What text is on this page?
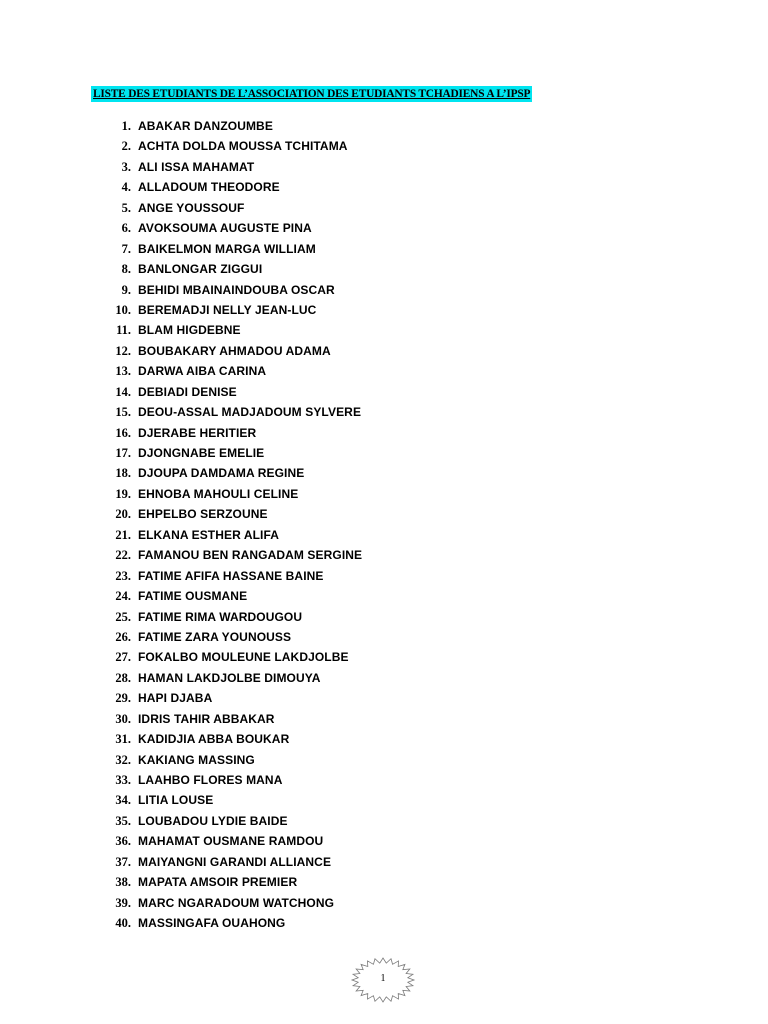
LISTE DES ETUDIANTS DE L’ASSOCIATION DES ETUDIANTS TCHADIENS A L’IPSP
1. ABAKAR DANZOUMBE
2. ACHTA DOLDA MOUSSA TCHITAMA
3. ALI ISSA MAHAMAT
4. ALLADOUM THEODORE
5. ANGE YOUSSOUF
6. AVOKSOUMA AUGUSTE PINA
7. BAIKELMON MARGA WILLIAM
8. BANLONGAR ZIGGUI
9. BEHIDI MBAINAINDOUBA OSCAR
10. BEREMADJI NELLY JEAN-LUC
11. BLAM HIGDEBNE
12. BOUBAKARY AHMADOU ADAMA
13. DARWA AIBA CARINA
14. DEBIADI DENISE
15. DEOU-ASSAL MADJADOUM SYLVERE
16. DJERABE HERITIER
17. DJONGNABE EMELIE
18. DJOUPA DAMDAMA REGINE
19. EHNOBA MAHOULI CELINE
20. EHPELBO SERZOUNE
21. ELKANA ESTHER ALIFA
22. FAMANOU BEN RANGADAM SERGINE
23. FATIME AFIFA HASSANE BAINE
24. FATIME OUSMANE
25. FATIME RIMA WARDOUGOU
26. FATIME ZARA YOUNOUSS
27. FOKALBO MOULEUNE LAKDJOLBE
28. HAMAN LAKDJOLBE DIMOUYA
29. HAPI DJABA
30. IDRIS TAHIR ABBAKAR
31. KADIDJIA ABBA BOUKAR
32. KAKIANG MASSING
33. LAAHBO FLORES MANA
34. LITIA LOUSE
35. LOUBADOU LYDIE BAIDE
36. MAHAMAT OUSMANE RAMDOU
37. MAIYANGNI GARANDI ALLIANCE
38. MAPATA AMSOIR PREMIER
39. MARC NGARADOUM WATCHONG
40. MASSINGAFA OUAHONG
1
